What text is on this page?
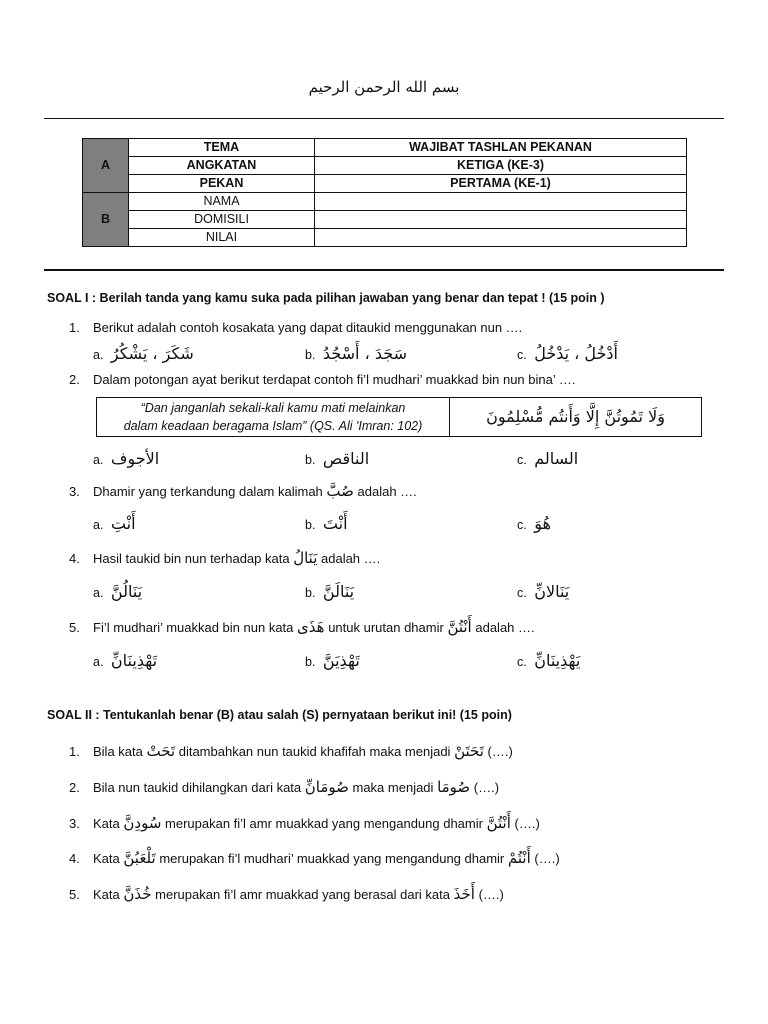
بسم الله الرحمن الرحيم
A	TEMA	WAJIBAT TASHLAN PEKANAN
	ANGKATAN	KETIGA (KE-3)
	PEKAN	PERTAMA (KE-1)
B	NAMA	
	DOMISILI	
	NILAI	
SOAL I : Berilah tanda yang kamu suka pada pilihan jawaban yang benar dan tepat ! (15 poin )
1. Berikut adalah contoh kosakata yang dapat ditaukid menggunakan nun ….
a. شَكَرَ ، يَشْكُرُ	b. سَجَدَ ، أَسْجُدُ	c. أَدْخُلُ ، يَدْخُلُ
2. Dalam potongan ayat berikut terdapat contoh fi’l mudhari’ muakkad bin nun bina’ ….
“Dan janganlah sekali-kali kamu mati melainkan
dalam keadaan beragama Islam” (QS. Ali 'Imran: 102)	وَلَا تَمُوتُنَّ إِلَّا وَأَنتُم مُّسْلِمُونَ
a. الأجوف	b. الناقص	c. السالم
3. Dhamir yang terkandung dalam kalimah صُبَّ adalah ….
a. أَنْتِ	b. أَنْتَ	c. هُوَ
4. Hasil taukid bin nun terhadap kata يَنَالُ adalah ….
a. يَنَالُنَّ	b. يَنَالَنَّ	c. يَنَالانِّ
5. Fi’l mudhari’ muakkad bin nun kata هَذَى untuk urutan dhamir أَنْتُنَّ adalah ….
a. تَهْذِينَانِّ	b. تَهْذِيَنَّ	c. يَهْذِينَانِّ
SOAL II : Tentukanlah benar (B) atau salah (S) pernyataan berikut ini! (15 poin)
1. Bila kata تَحَتْ ditambahkan nun taukid khafifah maka menjadi تَحَتَنْ (….)
2. Bila nun taukid dihilangkan dari kata صُومَانِّ maka menjadi صُومَا (….)
3. Kata سُودِنَّ merupakan fi’l amr muakkad yang mengandung dhamir أَنْتُنَّ (….)
4. Kata تَلْعَبُنَّ merupakan fi’l mudhari’ muakkad yang mengandung dhamir أَنْتُمْ (….)
5. Kata خُذَنَّ merupakan fi’l amr muakkad yang berasal dari kata أَخَذَ (….)
